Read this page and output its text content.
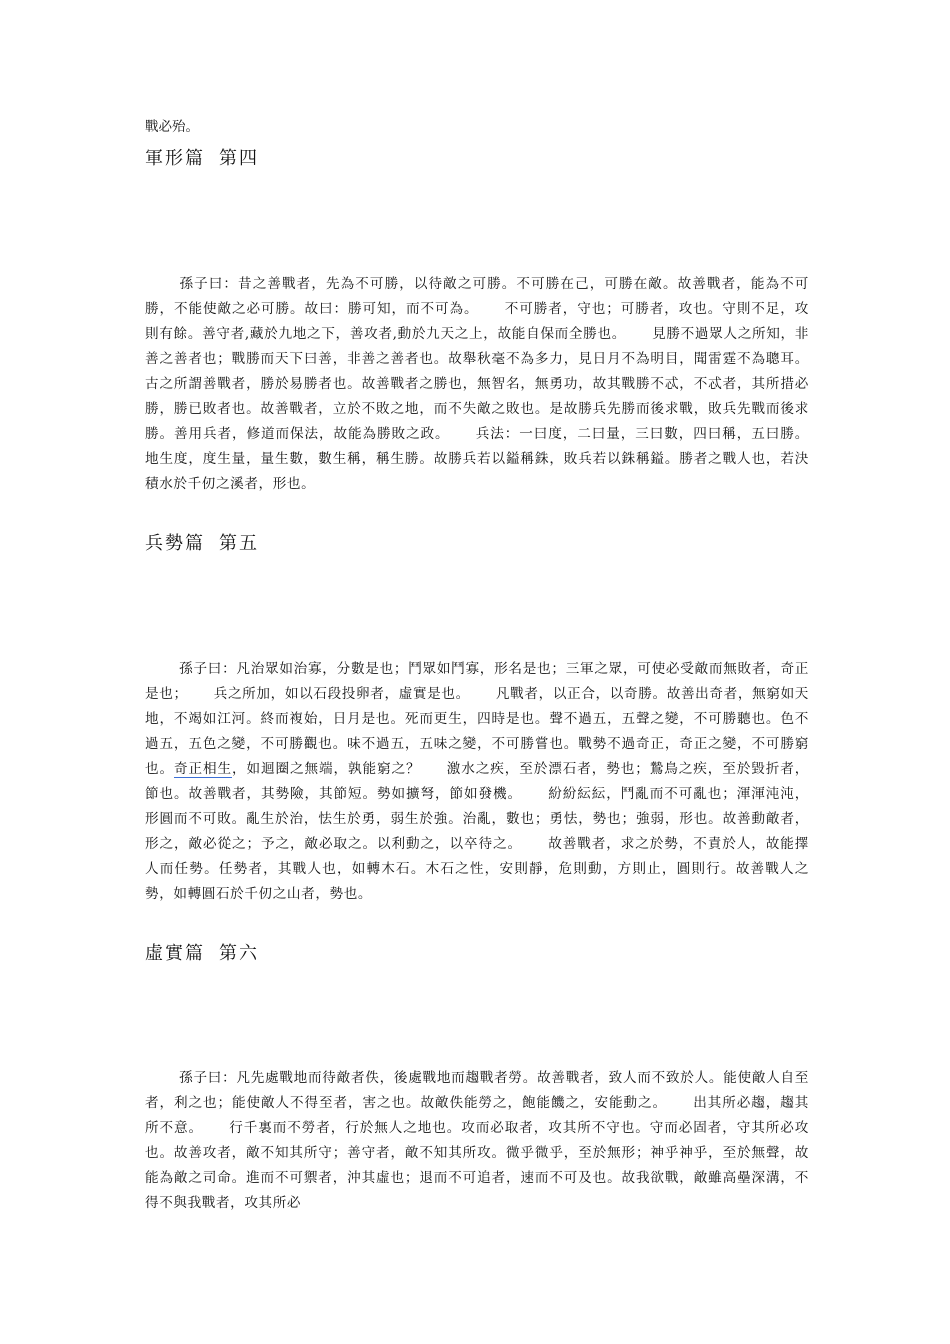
戰必殆。
軍形篇 第四

孫子曰：昔之善戰者，先為不可勝，以待敵之可勝。不可勝在己，可勝在敵。故善戰者，能為不可勝，不能使敵之必可勝。故曰：勝可知，而不可為。 不可勝者，守也；可勝者，攻也。守則不足，攻則有餘。善守者,藏於九地之下，善攻者,動於九天之上，故能自保而全勝也。 見勝不過眾人之所知，非善之善者也；戰勝而天下曰善，非善之善者也。故舉秋毫不為多力，見日月不為明目，聞雷霆不為聰耳。古之所謂善戰者，勝於易勝者也。故善戰者之勝也，無智名，無勇功，故其戰勝不忒，不忒者，其所措必勝，勝已敗者也。故善戰者，立於不敗之地，而不失敵之敗也。是故勝兵先勝而後求戰，敗兵先戰而後求勝。善用兵者，修道而保法，故能為勝敗之政。 兵法：一曰度，二曰量，三曰數，四曰稱，五曰勝。地生度，度生量，量生數，數生稱，稱生勝。故勝兵若以鎰稱銖，敗兵若以銖稱鎰。勝者之戰人也，若決積水於千仞之溪者，形也。

兵勢篇 第五

孫子曰：凡治眾如治寡，分數是也；鬥眾如鬥寡，形名是也；三軍之眾，可使必受敵而無敗者，奇正是也； 兵之所加，如以石段投卵者，虛實是也。 凡戰者，以正合，以奇勝。故善出奇者，無窮如天地，不竭如江河。終而複始，日月是也。死而更生，四時是也。聲不過五，五聲之變，不可勝聽也。色不過五，五色之變，不可勝觀也。味不過五，五味之變，不可勝嘗也。戰勢不過奇正，奇正之變，不可勝窮也。奇正相生，如迴圈之無端，孰能窮之？ 激水之疾，至於漂石者，勢也；鷙鳥之疾，至於毀折者，節也。故善戰者，其勢險，其節短。勢如擴弩，節如發機。 紛紛紜紜，鬥亂而不可亂也；渾渾沌沌，形圓而不可敗。亂生於治，怯生於勇，弱生於強。治亂，數也；勇怯，勢也；強弱，形也。故善動敵者，形之，敵必從之；予之，敵必取之。以利動之，以卒待之。 故善戰者，求之於勢，不責於人，故能擇人而任勢。任勢者，其戰人也，如轉木石。木石之性，安則靜，危則動，方則止，圓則行。故善戰人之勢，如轉圓石於千仞之山者，勢也。

虛實篇 第六

孫子曰：凡先處戰地而待敵者佚，後處戰地而趨戰者勞。故善戰者，致人而不致於人。能使敵人自至者，利之也；能使敵人不得至者，害之也。故敵佚能勞之，飽能饑之，安能動之。 出其所必趨，趨其所不意。 行千裏而不勞者，行於無人之地也。攻而必取者，攻其所不守也。守而必固者，守其所必攻也。故善攻者，敵不知其所守；善守者，敵不知其所攻。微乎微乎，至於無形；神乎神乎，至於無聲，故能為敵之司命。進而不可禦者，沖其虛也；退而不可追者，速而不可及也。故我欲戰，敵雖高壘深溝，不得不與我戰者，攻其所必
